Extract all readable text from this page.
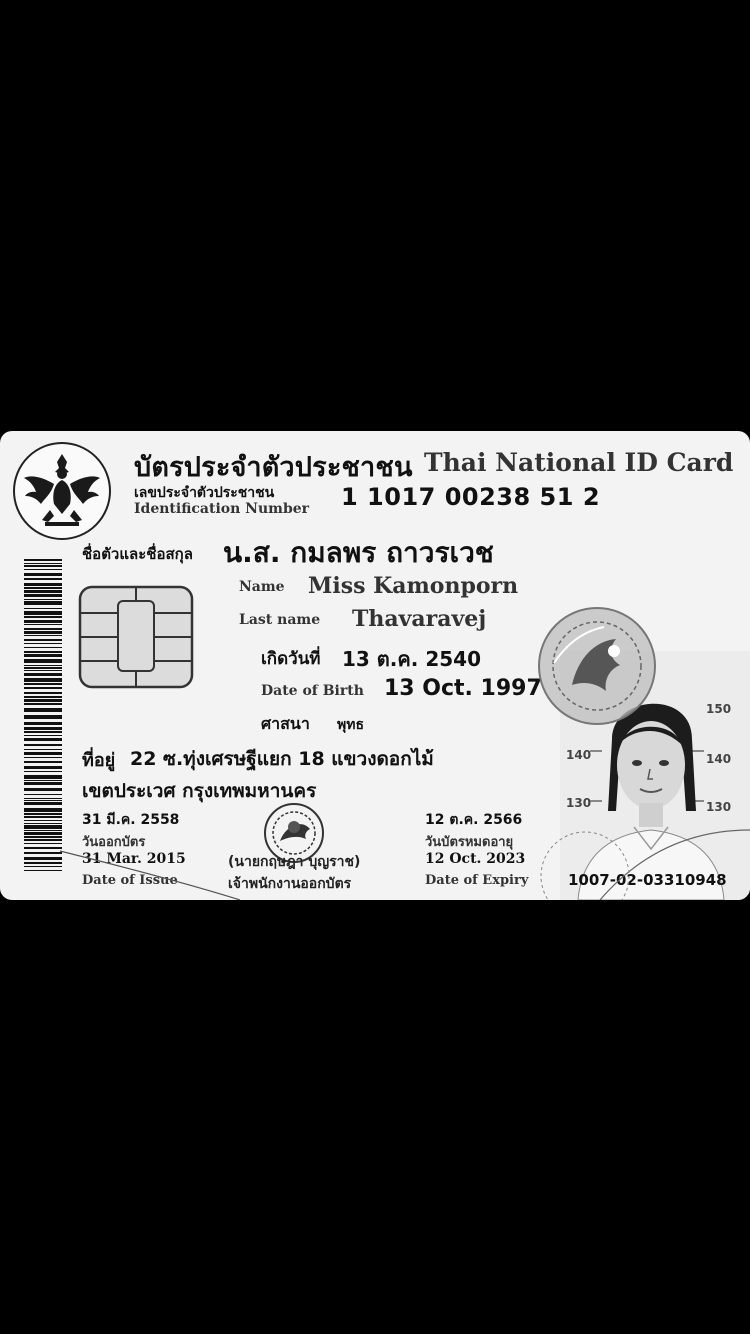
บัตรประจำตัวประชาชน Thai National ID Card
เลขประจำตัวประชาชน
Identification Number 1 1017 00238 51 2
ชื่อตัวและชื่อสกุล น.ส. กมลพร ถาวรเวช
Name Miss Kamonporn
Last name Thavaravej
เกิดวันที่ 13 ต.ค. 2540
Date of Birth 13 Oct. 1997
ศาสนา พุทธ
150
140	140
130	130
ที่อยู่ 22 ซ.ทุ่งเศรษฐีแยก 18 แขวงดอกไม้
เขตประเวศ กรุงเทพมหานคร
31 มี.ค. 2558
วันออกบัตร
31 Mar. 2015
Date of Issue
(นายกฤษฎา บุญราช)
เจ้าพนักงานออกบัตร
12 ต.ค. 2566
วันบัตรหมดอายุ
12 Oct. 2023
Date of Expiry	1007-02-03310948
